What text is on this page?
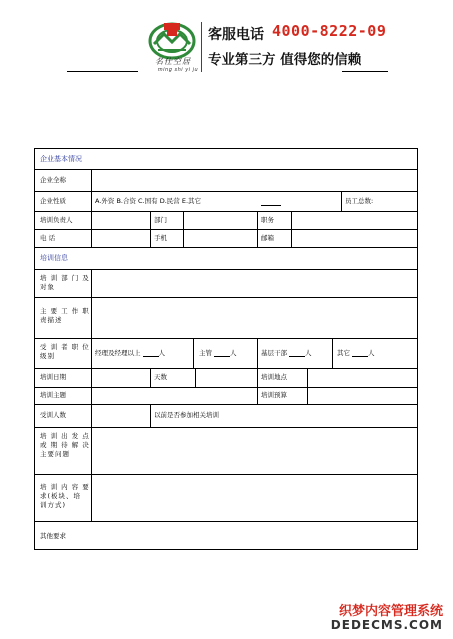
名仕空居
ming shi yi ju
客服电话 4000-8222-09
专业第三方 值得您的信赖
企业基本情况
企业全称
企业性质	A.外资 B.合资 C.国有 D.民营 E.其它	员工总数:
培训负责人	部门	职务
电 话	手机	邮箱
培训信息
培 训 部 门 及 对象
主 要 工 作 职 责描述
受 训 者 职 位 级别	经理及经理以上	人	主管	人	基层干部	人	其它	人
培训日期	天数	培训地点
培训主题	培训预算
受训人数	以前是否参加相关培训
培 训 出 发 点 或 期 待 解 决 主要问题
培 训 内 容 要 求(板块、培 训方式)
其他要求
织梦内容管理系统
DEDECMS.COM
